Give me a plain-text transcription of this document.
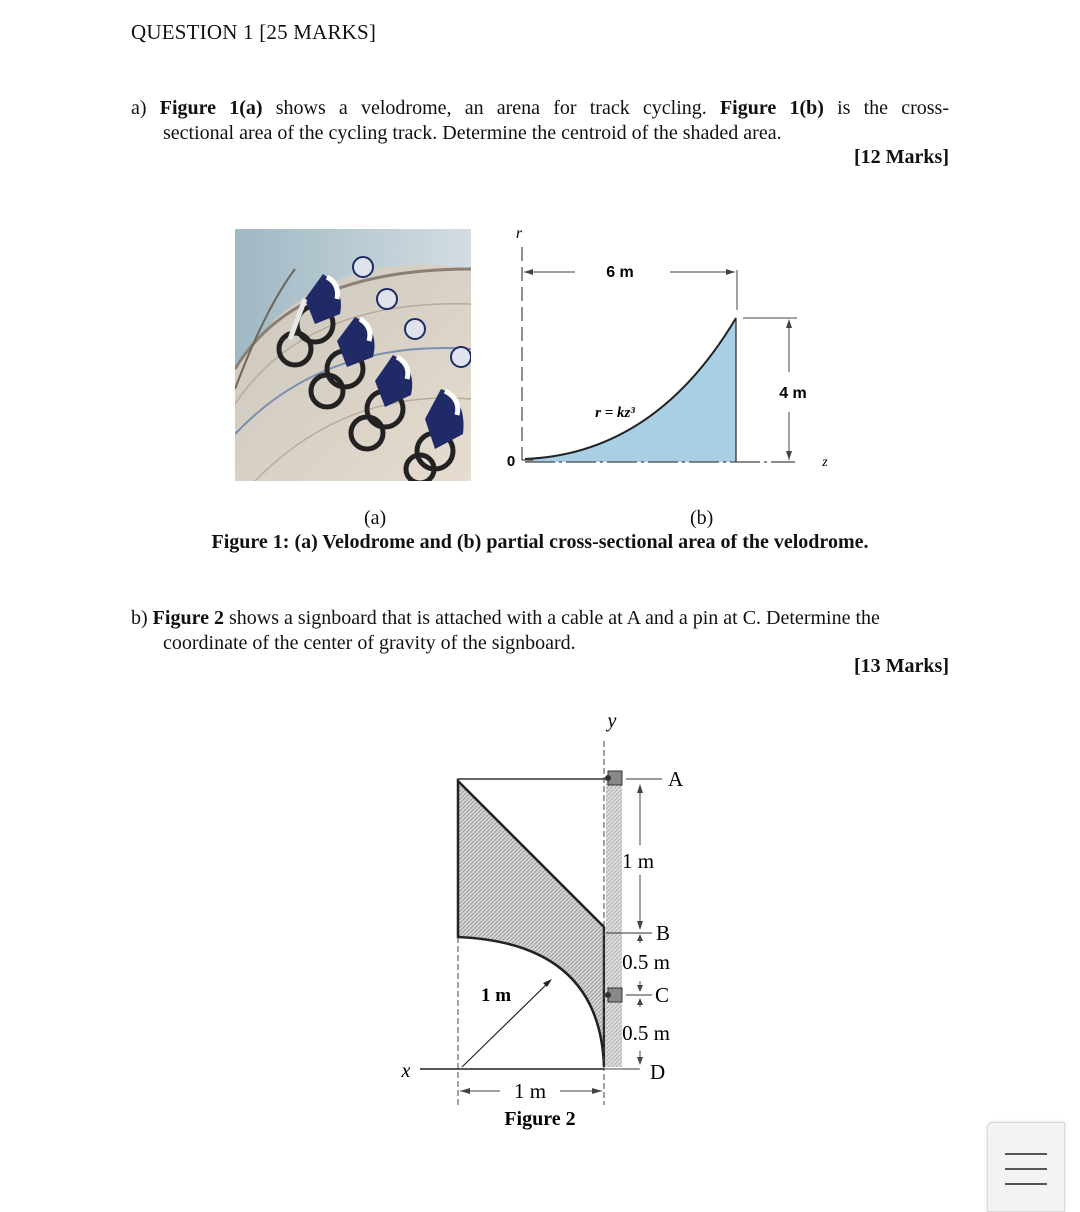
QUESTION 1 [25 MARKS]
a) Figure 1(a) shows a velodrome, an arena for track cycling. Figure 1(b) is the cross-
sectional area of the cycling track. Determine the centroid of the shaded area.
[12 Marks]
r
z
0
6 m
4 m
r = kz³
(a)	(b)
Figure 1: (a) Velodrome and (b) partial cross-sectional area of the velodrome.
b) Figure 2 shows a signboard that is attached with a cable at A and a pin at C. Determine the
coordinate of the center of gravity of the signboard.
[13 Marks]
y
x
A
B
C
D
1 m
0.5 m
0.5 m
1 m
1 m
Figure 2
